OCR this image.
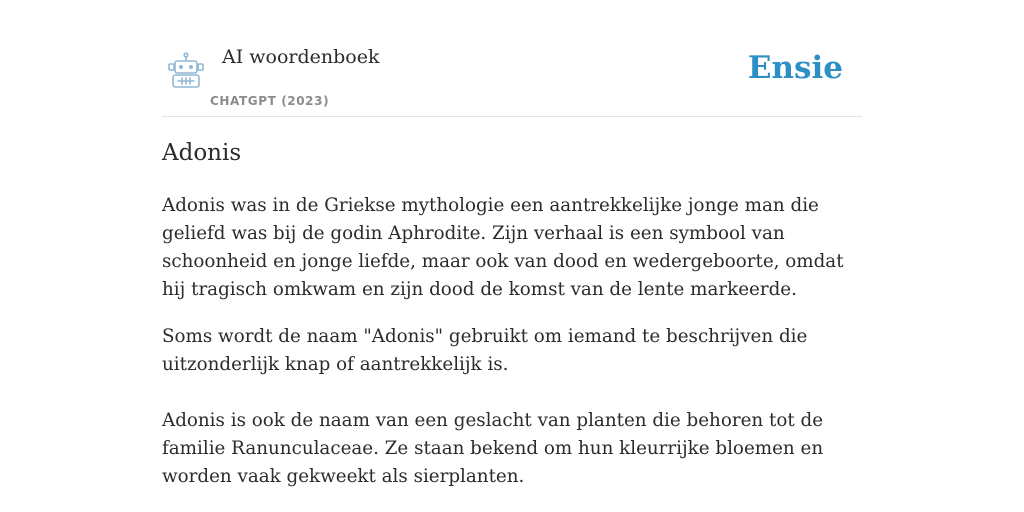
AI woordenboek
CHATGPT (2023)
Ensie
Adonis

Adonis was in de Griekse mythologie een aantrekkelijke jonge man die geliefd was bij de godin Aphrodite. Zijn verhaal is een symbool van schoonheid en jonge liefde, maar ook van dood en wedergeboorte, omdat hij tragisch omkwam en zijn dood de komst van de lente markeerde.

Soms wordt de naam "Adonis" gebruikt om iemand te beschrijven die uitzonderlijk knap of aantrekkelijk is.

Adonis is ook de naam van een geslacht van planten die behoren tot de familie Ranunculaceae. Ze staan bekend om hun kleurrijke bloemen en worden vaak gekweekt als sierplanten.
